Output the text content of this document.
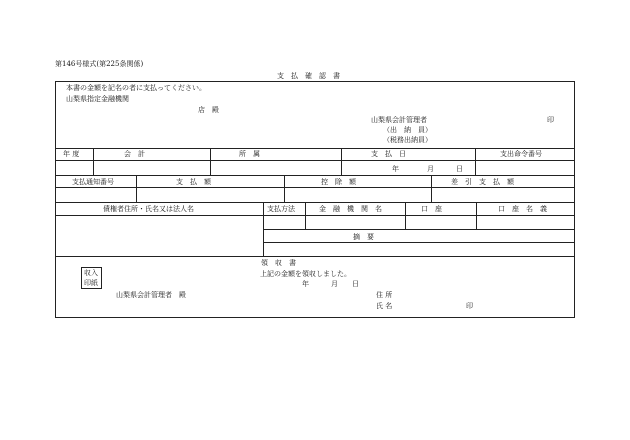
第146号様式(第225条関係)
支　払　確　認　書
本書の金額を記名の者に支払ってください。
山梨県指定金融機関
店　殿
山梨県会計管理者	印
（出　納　員）
（税務出納員）
年 度	会　計	所　属	支　払　日	支出命令番号
年	月	日
支払通知番号	支　払　額	控　除　額	差　引　支　払　額
債権者住所・氏名又は法人名	支払方法	金　融　機　関　名	口　座	口　座　名　義
摘　要
領　収　書
収入
印紙
上記の金額を領収しました。
年	月 日
山梨県会計管理者　殿	住 所
氏 名	印
